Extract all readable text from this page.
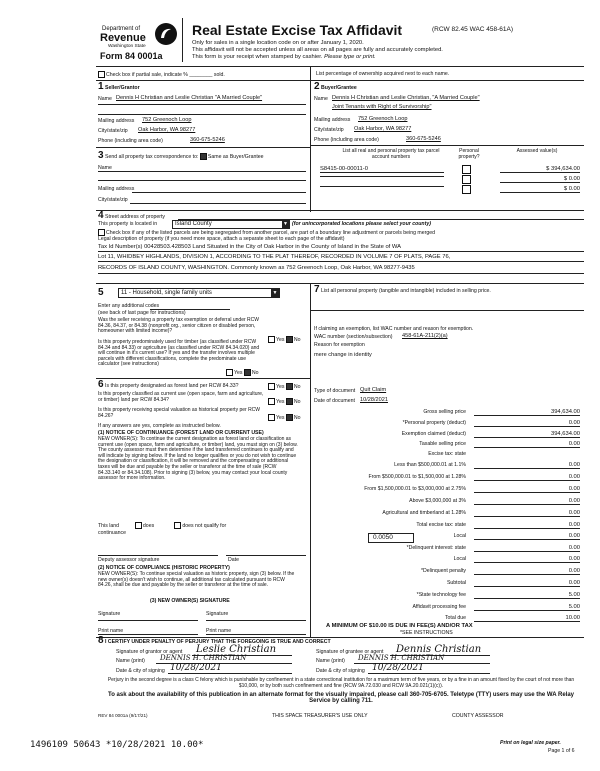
Department of
Revenue
Washington State
Form 84 0001a
Real Estate Excise Tax Affidavit	(RCW 82.45 WAC 458-61A)
Only for sales in a single location code on or after January 1, 2020.
This affidavit will not be accepted unless all areas on all pages are fully and accurately completed.
This form is your receipt when stamped by cashier. Please type or print.
Check box if partial sale, indicate % ________ sold.	List percentage of ownership acquired next to each name.
1 Seller/Grantor
Name Dennis H Christian and Leslie Christian "A Married Couple"
Mailing address 752 Greenoch Loop
City/state/zip Oak Harbor, WA 98277
Phone (including area code)	360-675-5246
2 Buyer/Grantee
Name Dennis H Christian and Leslie Christian, "A Married Couple"
Joint Tenants with Right of Survivorship"
Mailing address 752 Greenoch Loop
City/state/zip Oak Harbor, WA 98277
Phone (including area code)	360-675-5246
3 Send all property tax correspondence to: Same as Buyer/Grantee
Name
Mailing address
City/state/zip
List all real and personal property tax parcel account numbers
Personal property?
Assessed value(s)
S8415-00-00011-0	$ 394,634.00
$ 0.00
$ 0.00
4 Street address of property
This property is located in	Island County	▼ (for unincorporated locations please select your county)
Check box if any of the listed parcels are being segregated from another parcel, are part of a boundary line adjustment or parcels being merged
Legal description of property (if you need more space, attach a separate sheet to each page of the affidavit)
Tax Id Number(s) 00428503.428503 Land Situated in the City of Oak Harbor in the County of Island in the State of WA
Lot 11, WHIDBEY HIGHLANDS, DIVISION 1, ACCORDING TO THE PLAT THEREOF, RECORDED IN VOLUME 7 OF PLATS, PAGE 76,
RECORDS OF ISLAND COUNTY, WASHINGTON. Commonly known as 752 Greenoch Loop, Oak Harbor, WA 98277-9435
5	11 - Household, single family units	▼
Enter any additional codes
(see back of last page for instructions)
Was the seller receiving a property tax exemption or deferral under RCW 84.36, 84.37, or 84.38 (nonprofit org., senior citizen or disabled person, homeowner with limited income)?
Yes No
Is this property predominately used for timber (as classified under RCW 84.34 and 84.33) or agriculture (as classified under RCW 84.34.020) and will continue in it's current use? If yes and the transfer involves multiple parcels with different classifications, complete the predominate use calculator (see instructions)
Yes No
6 Is this property designated as forest land per RCW 84.33?	Yes No
Is this property classified as current use (open space, farm and agriculture, or timber) land per RCW 84.34?	Yes No
Is this property receiving special valuation as historical property per RCW 84.26?	Yes No
If any answers are yes, complete as instructed below.
(1) NOTICE OF CONTINUANCE (FOREST LAND OR CURRENT USE)
NEW OWNER(S): To continue the current designation as forest land or classification as current use (open space, farm and agriculture, or timber) land, you must sign on (3) below. The county assessor must then determine if the land transferred continues to qualify and will indicate by signing below. If the land no longer qualifies or you do not wish to continue the designation or classification, it will be removed and the compensating or additional taxes will be due and payable by the seller or transferor at the time of sale (RCW 84.33.140 or 84.34.108). Prior to signing (3) below, you may contact your local county assessor for more information.
This land	does	does not qualify for
continuance
Deputy assessor signature	Date
(2) NOTICE OF COMPLIANCE (HISTORIC PROPERTY)
NEW OWNER(S): To continue special valuation as historic property, sign (3) below. If the new owner(s) doesn't wish to continue, all additional tax calculated pursuant to RCW 84.26, shall be due and payable by the seller or transferor at the time of sale.
(3) NEW OWNER(S) SIGNATURE
Signature	Signature
Print name	Print name
7 List all personal property (tangible and intangible) included in selling price.
If claiming an exemption, list WAC number and reason for exemption.
WAC number (section/subsection) 458-61A-211(2)(a)
Reason for exemption
mere change in identity
Type of document Quit Claim
Date of document 10/28/2021
Gross selling price	394,634.00
*Personal property (deduct)	0.00
Exemption claimed (deduct)	394,634.00
Taxable selling price	0.00
Excise tax: state
Less than $500,000.01 at 1.1%	0.00
From $500,000.01 to $1,500,000 at 1.28%	0.00
From $1,500,000.01 to $3,000,000 at 2.75%	0.00
Above $3,000,000 at 3%	0.00
Agricultural and timberland at 1.28%	0.00
Total excise tax: state	0.00
Local	0.00
*Delinquent interest: state	0.00
Local	0.00
*Delinquent penalty	0.00
Subtotal	0.00
*State technology fee	5.00
Affidavit processing fee	5.00
Total due	10.00
0.0050
A MINIMUM OF $10.00 IS DUE IN FEE(S) AND/OR TAX
*SEE INSTRUCTIONS
8 I CERTIFY UNDER PENALTY OF PERJURY THAT THE FOREGOING IS TRUE AND CORRECT
Signature of grantor or agent Leslie Christian
Name (print) DENNIS H. CHRISTIAN
Date & city of signing 10/28/2021
Signature of grantee or agent Dennis Christian
Name (print) DENNIS H. CHRISTIAN
Date & city of signing 10/28/2021
Perjury in the second degree is a class C felony which is punishable by confinement in a state correctional institution for a maximum term of five years, or by a fine in an amount fixed by the court of not more than $10,000, or by both such confinement and fine (RCW 9A.72.030 and RCW 9A.20.021(1)(c)).
To ask about the availability of this publication in an alternate format for the visually impaired, please call 360-705-6705. Teletype (TTY) users may use the WA Relay Service by calling 711.
REV 84 0001a (9/17/21)	THIS SPACE TREASURER'S USE ONLY	COUNTY ASSESSOR
1496109 50643 *10/28/2021 10.00*	Print on legal size paper.
Page 1 of 6
